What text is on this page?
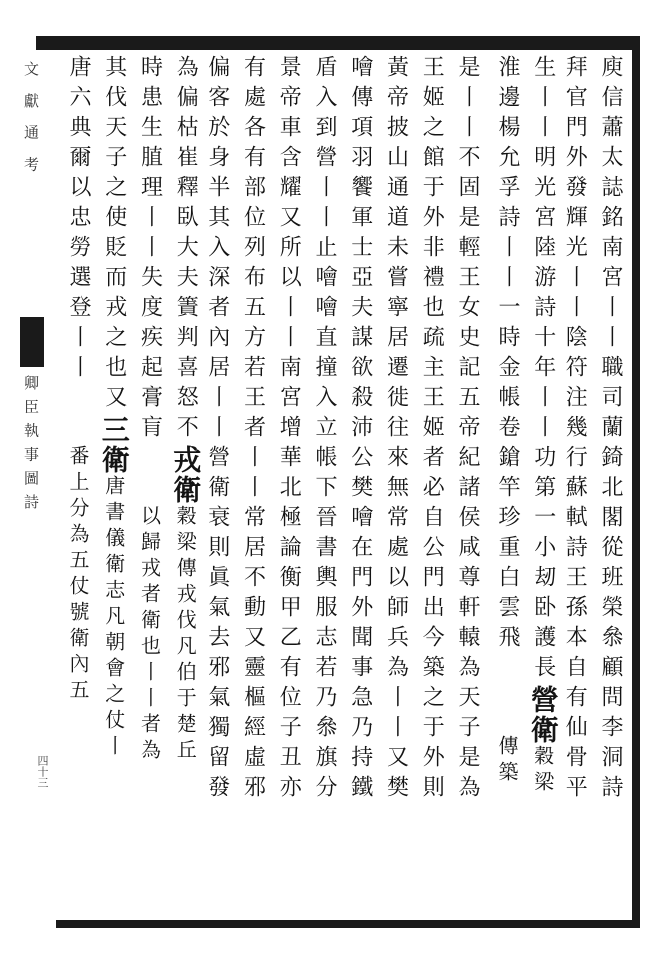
文 獻 通 考
卿 臣 執 事 圖 詩
四十三	庾信蕭太誌銘南宮丨丨職司蘭錡北閣從班榮叅顧問李洞詩
拜官門外發輝光丨丨陰符注幾行蘇軾詩王孫本自有仙骨平
生丨丨明光宮陸游詩十年丨丨功第一小刼卧護長營衛穀梁
淮邊楊允孚詩丨丨一時金帳卷鎗竿珍重白雲飛傳築
是丨丨不固是輕王女史記五帝紀諸侯咸尊軒轅為天子是為
王姬之館于外非禮也疏主王姬者必自公門出今築之于外則
黃帝披山通道未嘗寧居遷徙往來無常處以師兵為丨丨又樊
噲傳項羽饗軍士亞夫謀欲殺沛公樊噲在門外聞事急乃持鐵
盾入到營丨丨止噲噲直撞入立帳下晉書輿服志若乃叅旗分
景帝車含耀又所以丨丨南宮增華北極論衡甲乙有位子丑亦
有處各有部位列布五方若王者丨丨常居不動又靈樞經虛邪
偏客於身半其入深者內居丨丨營衛衰則眞氣去邪氣獨留發
為偏枯崔釋臥大夫簀判喜怒不戎衛穀梁傳戎伐凡伯于楚丘
時患生䐈理丨丨失度疾起膏肓以歸戎者衛也丨丨者為
其伐天子之使貶而戎之也又三衛唐書儀衛志凡朝會之仗丨
唐六典爾以忠勞選登丨丨番上分為五仗號衛內五
